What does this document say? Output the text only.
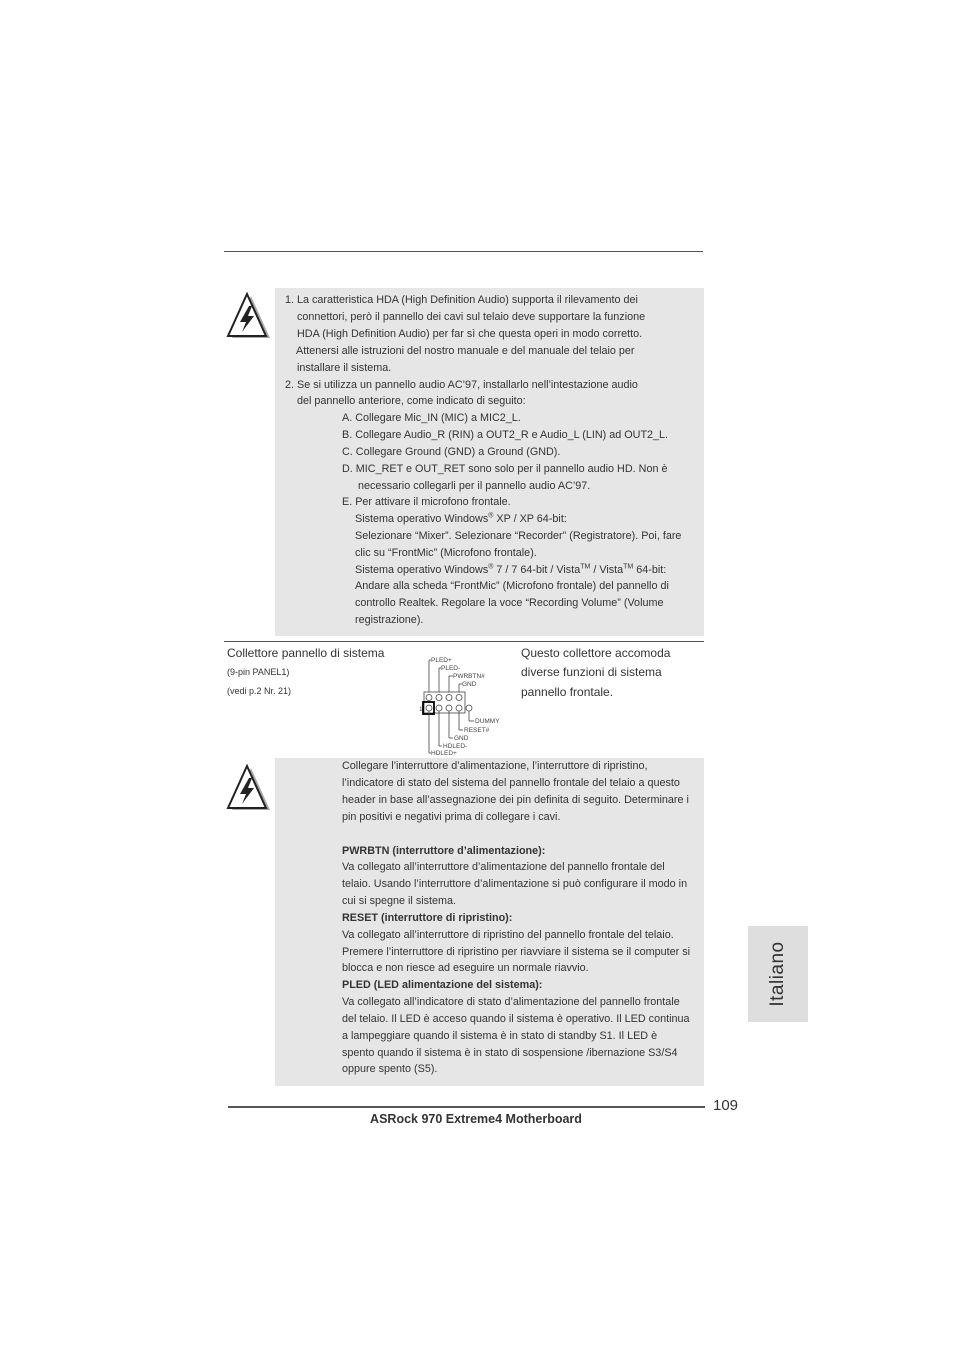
1. La caratteristica HDA (High Definition Audio) supporta il rilevamento dei
connettori, però il pannello dei cavi sul telaio deve supportare la funzione
HDA (High Definition Audio) per far sì che questa operi in modo corretto.
Attenersi alle istruzioni del nostro manuale e del manuale del telaio per
installare il sistema.
2. Se si utilizza un pannello audio AC’97, installarlo nell’intestazione audio
del pannello anteriore, come indicato di seguito:
A. Collegare Mic_IN (MIC) a MIC2_L.
B. Collegare Audio_R (RIN) a OUT2_R e Audio_L (LIN) ad OUT2_L.
C. Collegare Ground (GND) a Ground (GND).
D. MIC_RET e OUT_RET sono solo per il pannello audio HD. Non è
necessario collegarli per il pannello audio AC’97.
E. Per attivare il microfono frontale.
Sistema operativo Windows® XP / XP 64-bit:
Selezionare “Mixer”. Selezionare “Recorder” (Registratore). Poi, fare
clic su “FrontMic” (Microfono frontale).
Sistema operativo Windows® 7 / 7 64-bit / Vista™ / Vista™ 64-bit:
Andare alla scheda “FrontMic” (Microfono frontale) del pannello di
controllo Realtek. Regolare la voce “Recording Volume” (Volume
registrazione).
Collettore pannello di sistema
(9-pin PANEL1)
(vedi p.2 Nr. 21)
Questo collettore accomoda
diverse funzioni di sistema
pannello frontale.
PLED+
PLED-
PWRBTN#
GND
1
DUMMY
RESET#
GND
HDLED-
HDLED+
Collegare l’interruttore d’alimentazione, l’interruttore di ripristino,
l’indicatore di stato del sistema del pannello frontale del telaio a questo
header in base all’assegnazione dei pin definita di seguito. Determinare i
pin positivi e negativi prima di collegare i cavi.
PWRBTN (interruttore d’alimentazione):
Va collegato all’interruttore d’alimentazione del pannello frontale del
telaio. Usando l’interruttore d’alimentazione si può configurare il modo in
cui si spegne il sistema.
RESET (interruttore di ripristino):
Va collegato all’interruttore di ripristino del pannello frontale del telaio.
Premere l’interruttore di ripristino per riavviare il sistema se il computer si
blocca e non riesce ad eseguire un normale riavvio.
PLED (LED alimentazione del sistema):
Va collegato all’indicatore di stato d’alimentazione del pannello frontale
del telaio. Il LED è acceso quando il sistema è operativo. Il LED continua
a lampeggiare quando il sistema è in stato di standby S1. Il LED è
spento quando il sistema è in stato di sospensione /ibernazione S3/S4
oppure spento (S5).
Italiano
109
ASRock 970 Extreme4 Motherboard
